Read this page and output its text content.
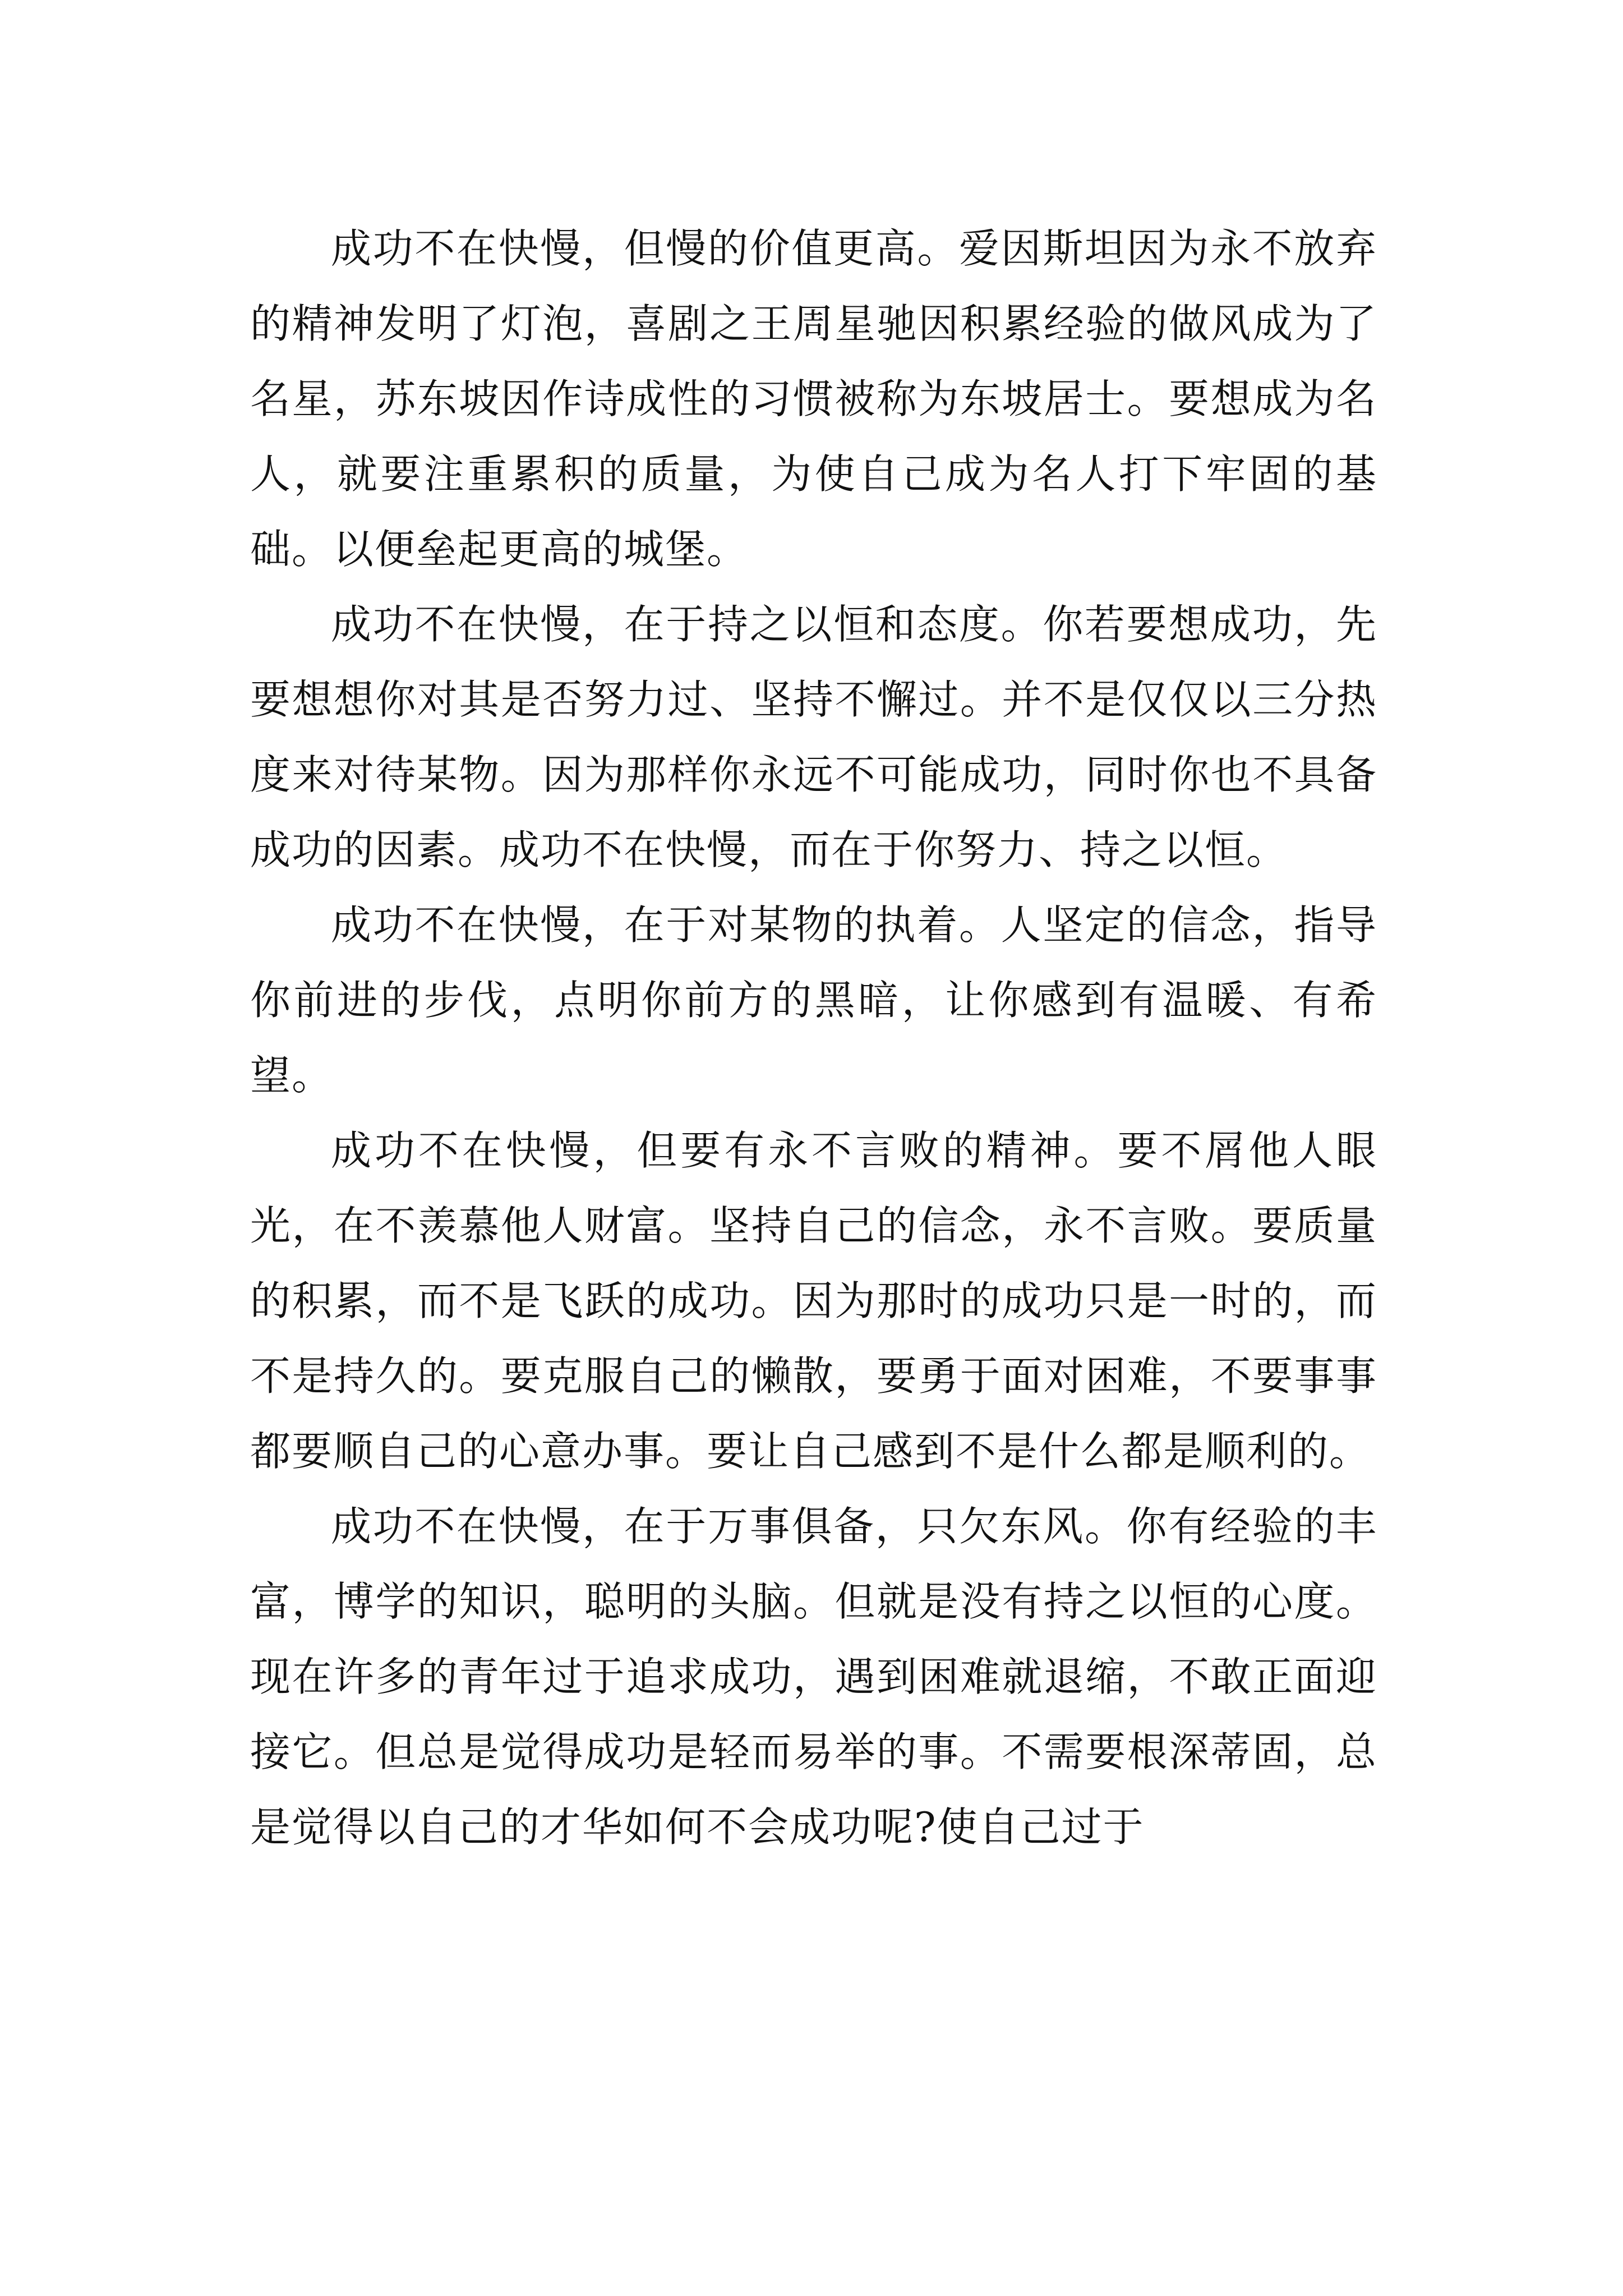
成功不在快慢，但慢的价值更高。爱因斯坦因为永不放弃的精神发明了灯泡，喜剧之王周星驰因积累经验的做风成为了名星，苏东坡因作诗成性的习惯被称为东坡居士。要想成为名人，就要注重累积的质量，为使自己成为名人打下牢固的基础。以便垒起更高的城堡。

成功不在快慢，在于持之以恒和态度。你若要想成功，先要想想你对其是否努力过、坚持不懈过。并不是仅仅以三分热度来对待某物。因为那样你永远不可能成功，同时你也不具备成功的因素。成功不在快慢，而在于你努力、持之以恒。

成功不在快慢，在于对某物的执着。人坚定的信念，指导你前进的步伐，点明你前方的黑暗，让你感到有温暖、有希望。

成功不在快慢，但要有永不言败的精神。要不屑他人眼光，在不羡慕他人财富。坚持自己的信念，永不言败。要质量的积累，而不是飞跃的成功。因为那时的成功只是一时的，而不是持久的。要克服自己的懒散，要勇于面对困难，不要事事都要顺自己的心意办事。要让自己感到不是什么都是顺利的。

成功不在快慢，在于万事俱备，只欠东风。你有经验的丰富，博学的知识，聪明的头脑。但就是没有持之以恒的心度。现在许多的青年过于追求成功，遇到困难就退缩，不敢正面迎接它。但总是觉得成功是轻而易举的事。不需要根深蒂固，总是觉得以自己的才华如何不会成功呢?使自己过于
